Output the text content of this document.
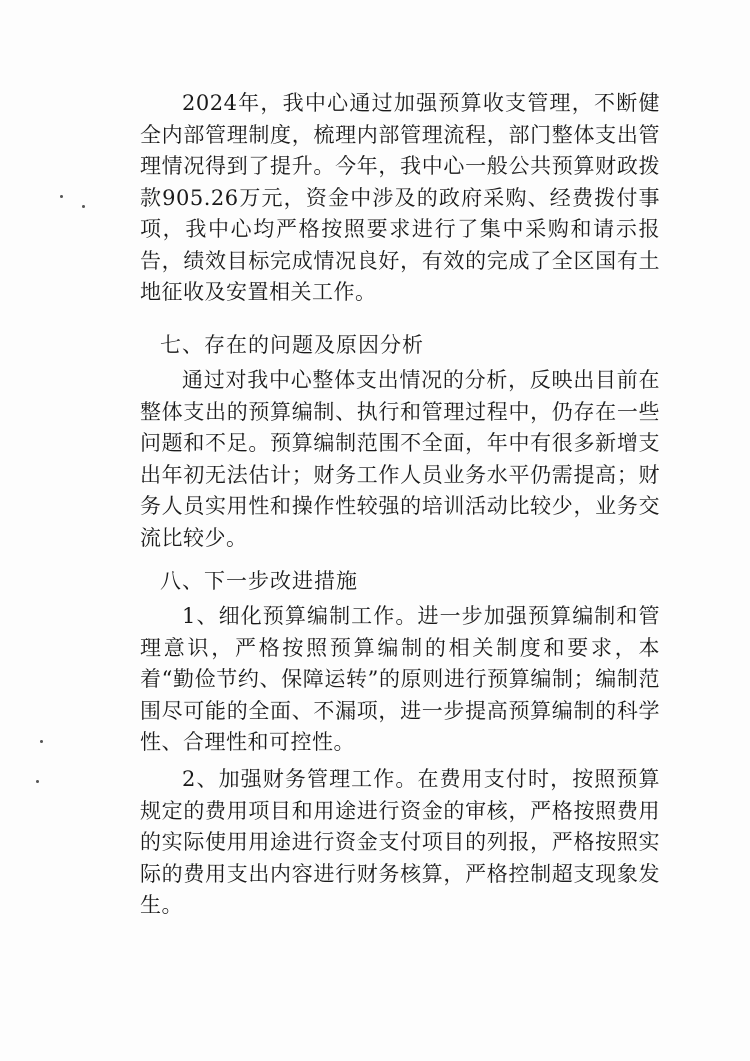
2024年，我中心通过加强预算收支管理，不断健全内部管理制度，梳理内部管理流程，部门整体支出管理情况得到了提升。今年，我中心一般公共预算财政拨款905.26万元，资金中涉及的政府采购、经费拨付事项，我中心均严格按照要求进行了集中采购和请示报告，绩效目标完成情况良好，有效的完成了全区国有土地征收及安置相关工作。

七、存在的问题及原因分析

通过对我中心整体支出情况的分析，反映出目前在整体支出的预算编制、执行和管理过程中，仍存在一些问题和不足。预算编制范围不全面，年中有很多新增支出年初无法估计；财务工作人员业务水平仍需提高；财务人员实用性和操作性较强的培训活动比较少，业务交流比较少。

八、下一步改进措施

1、细化预算编制工作。进一步加强预算编制和管理意识，严格按照预算编制的相关制度和要求，本着“勤俭节约、保障运转”的原则进行预算编制；编制范围尽可能的全面、不漏项，进一步提高预算编制的科学性、合理性和可控性。

2、加强财务管理工作。在费用支付时，按照预算规定的费用项目和用途进行资金的审核，严格按照费用的实际使用用途进行资金支付项目的列报，严格按照实际的费用支出内容进行财务核算，严格控制超支现象发生。
